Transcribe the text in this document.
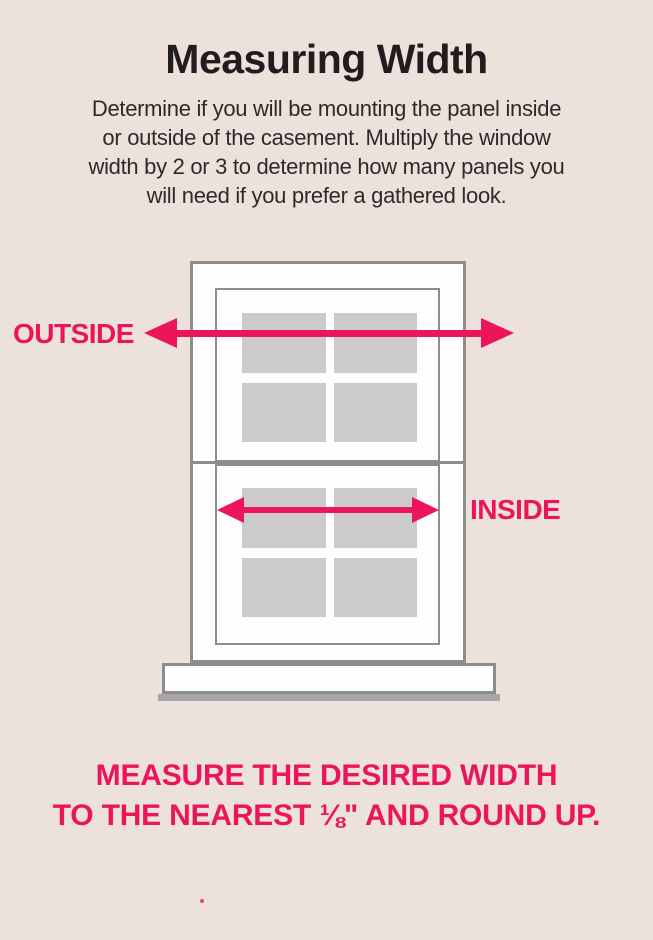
Measuring Width
Determine if you will be mounting the panel inside
or outside of the casement. Multiply the window
width by 2 or 3 to determine how many panels you
will need if you prefer a gathered look.
OUTSIDE
INSIDE
MEASURE THE DESIRED WIDTH
TO THE NEAREST ⅛" AND ROUND UP.
